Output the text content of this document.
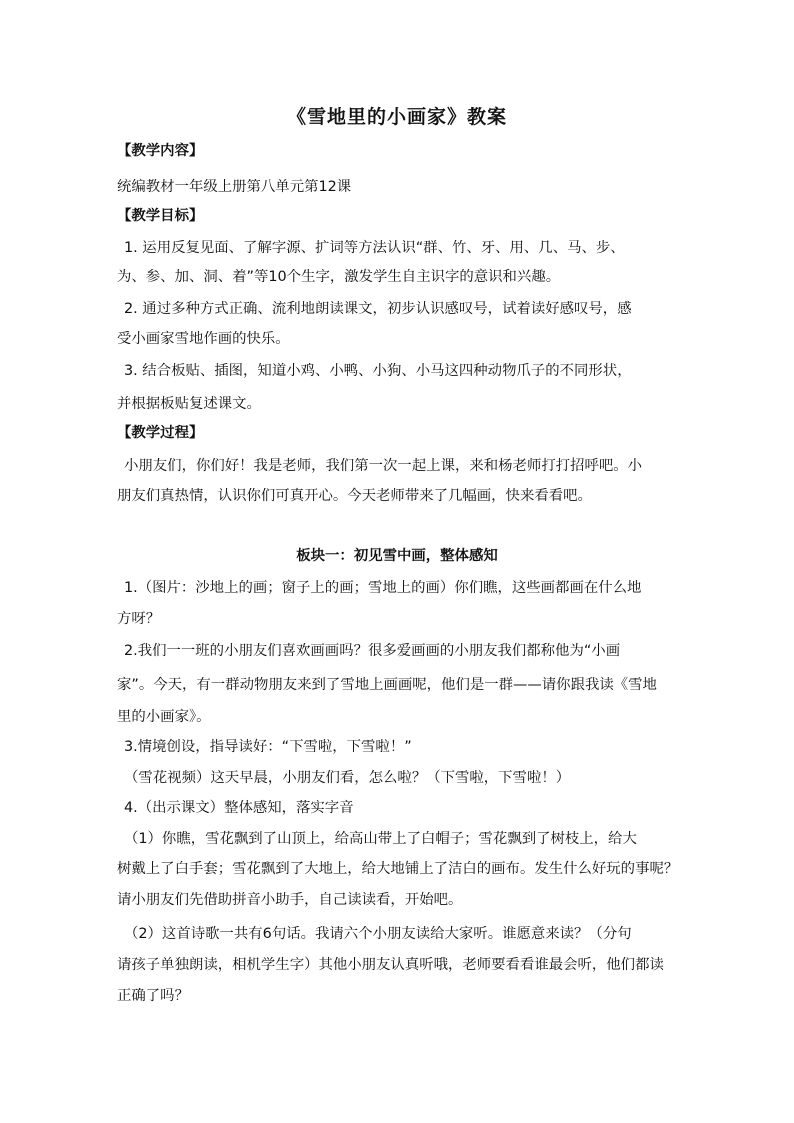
《雪地里的小画家》教案
【教学内容】
统编教材一年级上册第八单元第12课
【教学目标】
1. 运用反复见面、了解字源、扩词等方法认识“群、竹、牙、用、几、马、步、
为、参、加、洞、着”等10个生字，激发学生自主识字的意识和兴趣。
2. 通过多种方式正确、流利地朗读课文，初步认识感叹号，试着读好感叹号，感
受小画家雪地作画的快乐。
3. 结合板贴、插图，知道小鸡、小鸭、小狗、小马这四种动物爪子的不同形状，
并根据板贴复述课文。
【教学过程】
小朋友们，你们好！我是老师，我们第一次一起上课，来和杨老师打打招呼吧。小
朋友们真热情，认识你们可真开心。今天老师带来了几幅画，快来看看吧。
板块一：初见雪中画，整体感知
1.（图片：沙地上的画；窗子上的画；雪地上的画）你们瞧，这些画都画在什么地
方呀？
2.我们一一班的小朋友们喜欢画画吗？很多爱画画的小朋友我们都称他为“小画
家”。今天，有一群动物朋友来到了雪地上画画呢，他们是一群——请你跟我读《雪地
里的小画家》。
3.情境创设，指导读好：“下雪啦，下雪啦！”
（雪花视频）这天早晨，小朋友们看，怎么啦？（下雪啦，下雪啦！）
4.（出示课文）整体感知，落实字音
（1）你瞧，雪花飘到了山顶上，给高山带上了白帽子；雪花飘到了树枝上，给大
树戴上了白手套；雪花飘到了大地上，给大地铺上了洁白的画布。发生什么好玩的事呢？
请小朋友们先借助拼音小助手，自己读读看，开始吧。
（2）这首诗歌一共有6句话。我请六个小朋友读给大家听。谁愿意来读？（分句
请孩子单独朗读，相机学生字）其他小朋友认真听哦，老师要看看谁最会听，他们都读
正确了吗？
